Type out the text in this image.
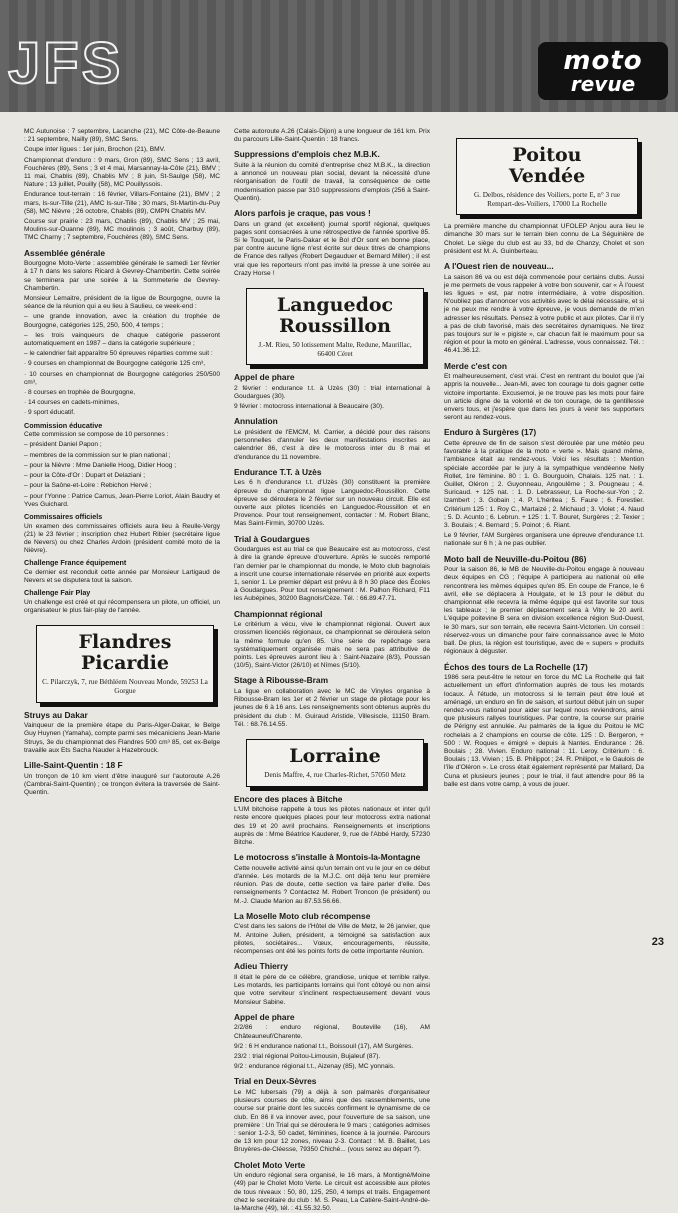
JFS	moto
revue

MC Autunoise : 7 septembre, Lacanche (21), MC Côte-de-Beaune : 21 septembre, Nailly (89), SMC Sens.

Coupe inter ligues : 1er juin, Brochon (21), BMV.

Championnat d'enduro : 9 mars, Gron (89), SMC Sens ; 13 avril, Fouchères (89), Sens ; 3 et 4 mai, Marsannay-la-Côte (21), BMV ; 11 mai, Chablis (89), Chablis MV ; 8 juin, St-Saulge (58), MC Nature ; 13 juillet, Pouilly (58), MC Pouillyssois.

Endurance tout-terrain : 16 février, Villars-Fontaine (21), BMV ; 2 mars, Is-sur-Tille (21), AMC Is-sur-Tille ; 30 mars, St-Martin-du-Puy (58), MC Nièvre ; 26 octobre, Chablis (89), CMPN Chablis MV.

Course sur prairie : 23 mars, Chablis (89), Chablis MV ; 25 mai, Moulins-sur-Ouanne (89), MC moulinois ; 3 août, Charbuy (89), TMC Charny ; 7 septembre, Fouchères (89), SMC Sens.

Assemblée générale

Bourgogne Moto-Verte : assemblée générale le samedi 1er février à 17 h dans les salons Ricard à Gevrey-Chambertin. Cette soirée se terminera par une soirée à la Sommeterie de Gevrey-Chambertin.

Monsieur Lemaitre, président de la ligue de Bourgogne, ouvre la séance de la réunion qui a eu lieu à Saulieu, ce week-end :

– une grande innovation, avec la création du trophée de Bourgogne, catégories 125, 250, 500, 4 temps ;

– les trois vainqueurs de chaque catégorie passeront automatiquement en 1987 – dans la catégorie supérieure ;

– le calendrier fait apparaître 50 épreuves réparties comme suit :

· 9 courses en championnat de Bourgogne catégorie 125 cm³,

· 10 courses en championnat de Bourgogne catégories 250/500 cm³,

· 8 courses en trophée de Bourgogne,

· 14 courses en cadets-minimes,

· 9 sport éducatif.

Commission éducative

Cette commission se compose de 10 personnes :

– président Daniel Papon ;

– membres de la commission sur le plan national ;

– pour la Nièvre : Mme Danielle Hoog, Didier Hoog ;

– pour la Côte-d'Or : Dupart et Delaziani ;

– pour la Saône-et-Loire : Rebichon Hervé ;

– pour l'Yonne : Patrice Camus, Jean-Pierre Loriot, Alain Baudry et Yves Guichard.

Commissaires officiels

Un examen des commissaires officiels aura lieu à Reulle-Vergy (21) le 23 février ; inscription chez Hubert Ribier (secrétaire ligue de Nevers) ou chez Charles Ardoin (président comité moto de la Nièvre).

Challenge France équipement

Ce dernier est reconduit cette année par Monsieur Lartigaud de Nevers et se disputera tout la saison.

Challenge Fair Play

Un challenge est créé et qui récompensera un pilote, un officiel, un organisateur le plus fair-play de l'année.

Flandres

Picardie

C. Pilarczyk, 7, rue Béthléem Nouveau Monde, 59253 La Gorgue

Struys au Dakar

Vainqueur de la première étape du Paris-Alger-Dakar, le Belge Guy Huynen (Yamaha), compte parmi ses mécaniciens Jean-Marie Struys, 3e du championnat des Flandres 500 cm³ 85, cet ex-Belge travaille aux Ets Sacha Nauder à Hazebrouck.

Lille-Saint-Quentin : 18 F

Un tronçon de 10 km vient d'être inauguré sur l'autoroute A.26 (Cambrai-Saint-Quentin) ; ce tronçon évitera la traversée de Saint-Quentin.

Cette autoroute A.26 (Calais-Dijon) a une longueur de 161 km. Prix du parcours Lille-Saint-Quentin : 18 francs.

Suppressions d'emplois chez M.B.K.

Suite à la réunion du comité d'entreprise chez M.B.K., la direction a annoncé un nouveau plan social, devant la nécessité d'une réorganisation de l'outil de travail, la conséquence de cette modernisation passe par 310 suppressions d'emplois (256 à Saint-Quentin).

Alors parfois je craque, pas vous !

Dans un grand (et excellent) journal sportif régional, quelques pages sont consacrées à une rétrospective de l'année sportive 85. Si le Touquet, le Paris-Dakar et le Bol d'Or sont en bonne place, par contre aucune ligne n'est écrite sur deux titres de champions de France des rallyes (Robert Degauduer et Bernard Miller) ; il est vrai que les reporteurs n'ont pas invité la presse à une soirée au Crazy Horse !

Languedoc

Roussillon

J.-M. Rieu, 50 lotissement Malte, Redune, Maurillac, 66400 Céret

Appel de phare

2 février : endurance t.t. à Uzès (30) : trial international à Goudargues (30).

9 février : motocross international à Beaucaire (30).

Annulation

Le président de l'EMCM, M. Carrier, a décidé pour des raisons personnelles d'annuler les deux manifestations inscrites au calendrier 86, c'est à dire le motocross inter du 8 mai et d'endurance du 11 novembre.

Endurance T.T. à Uzès

Les 6 h d'endurance t.t. d'Uzès (30) constituent la première épreuve du championnat ligue Languedoc-Roussillon. Cette épreuve se déroulera le 2 février sur un nouveau circuit. Elle est ouverte aux pilotes licenciés en Languedoc-Roussillon et en Provence. Pour tout renseignement, contacter : M. Robert Blanc, Mas Saint-Firmin, 30700 Uzès.

Trial à Goudargues

Goudargues est au trial ce que Beaucaire est au motocross, c'est à dire la grande épreuve d'ouverture. Après le succès remporté l'an dernier par le championnat du monde, le Moto club bagnolais a inscrit une course internationale réservée en priorité aux experts 1, senior 1. Le premier départ est prévu à 8 h 30 place des Écoles à Goudargues. Pour tout renseignement : M. Palhon Richard, F11 les Aubépines, 30200 Bagnols/Cèze. Tél. : 66.89.47.71.

Championnat régional

Le critérium a vécu, vive le championnat régional. Ouvert aux crossmen licenciés régionaux, ce championnat se déroulera selon la même formule qu'en 85. Une série de repêchage sera systématiquement organisée mais ne sera pas attributive de points. Les épreuves auront lieu à : Saint-Nazaire (8/3), Poussan (10/5), Saint-Victor (26/10) et Nîmes (5/10).

Stage à Ribousse-Bram

La ligue en collaboration avec le MC de Vinyles organise à Ribousse-Bram les 1er et 2 février un stage de pilotage pour les jeunes de 6 à 16 ans. Les renseignements sont obtenus auprès du président du club : M. Guiraud Aristide, Villesiscle, 11150 Bram. Tél. : 68.76.14.55.

Lorraine

Denis Maffre, 4, rue Charles-Richet, 57050 Metz

Encore des places à Bitche

L'UM bitchoise rappelle à tous les pilotes nationaux et inter qu'il reste encore quelques places pour leur motocross extra national des 19 et 20 avril prochains. Renseignements et inscriptions auprès de : Mme Béatrice Kauderer, 9, rue de l'Abbé Hardy, 57230 Bitche.

Le motocross s'installe à Montois-la-Montagne

Cette nouvelle activité ainsi qu'un terrain ont vu le jour en ce début d'année. Les motards de la M.J.C. ont déjà tenu leur première réunion. Pas de doute, cette section va faire parler d'elle. Des renseignements ? Contactez M. Robert Troncon (le président) ou M.-J. Claude Marion au 87.53.56.66.

La Moselle Moto club récompense

C'est dans les salons de l'Hôtel de Ville de Metz, le 26 janvier, que M. Antoine Julien, président, a témoigné sa satisfaction aux pilotes, sociétaires... Vœux, encouragements, réussite, récompenses ont été les points forts de cette importante réunion.

Adieu Thierry

Il était le père de ce célèbre, grandiose, unique et terrible rallye. Les motards, les participants lorrains qui l'ont côtoyé ou non ainsi que votre serviteur s'inclinent respectueusement devant vous Monsieur Sabine.

Appel de phare

2/2/86 : enduro régional, Bouteville (16), AM Châteauneuf/Charente.

9/2 : 6 H endurance national t.t., Boissouil (17), AM Surgères.

23/2 : trial régional Poitou-Limousin, Bujaleuf (87).

9/2 : endurance régional t.t., Aizenay (85), MC yonnais.

Trial en Deux-Sèvres

Le MC lubersais (79) a déjà à son palmarès d'organisateur plusieurs courses de côte, ainsi que des rassemblements, une course sur prairie dont les succès confirment le dynamisme de ce club. En 86 il va innover avec, pour l'ouverture de sa saison, une première : Un Trial qui se déroulera le 9 mars ; catégories admises : senior 1-2-3, 50 cadet, féminines, licence à la journée. Parcours de 13 km pour 12 zones, niveau 2-3. Contact : M. B. Baillet, Les Bruyères-de-Cléesse, 79350 Chiché... (vous serez au départ ?).

Cholet Moto Verte

Un enduro régional sera organisé, le 16 mars, à Montigné/Moine (49) par le Cholet Moto Verte. Le circuit est accessible aux pilotes de tous niveaux : 50, 80, 125, 250, 4 temps et trails. Engagement chez le secrétaire du club : M. S. Peau, La Catière-Saint-André-de-la-Marche (49), tél. : 41.55.32.50.

Poitou

Vendée

G. Delbos, résidence des Voiliers, porte E, n° 3 rue Rempart-des-Voiliers, 17000 La Rochelle

La première manche du championnat UFOLEP Anjou aura lieu le dimanche 30 mars sur le terrain bien connu de La Séguinière de Cholet. Le siège du club est au 33, bd de Chanzy, Cholet et son président est M. A. Guinberteau.

A l'Ouest rien de nouveau...

La saison 86 va ou est déjà commencée pour certains clubs. Aussi je me permets de vous rappeler à votre bon souvenir, car « À l'ouest les ligues » est, par notre intermédiaire, à votre disposition. N'oubliez pas d'annoncer vos activités avec le délai nécessaire, et si je ne peux me rendre à votre épreuve, je vous demande de m'en adresser les résultats. Pensez à votre public et aux pilotes. Car il n'y a pas de club favorisé, mais des secrétaires dynamiques. Ne tirez pas toujours sur le « pigiste », car chacun fait le maximum pour sa région et pour la moto en général. L'adresse, vous connaissez. Tél. : 46.41.36.12.

Merde c'est con

Et malheureusement, c'est vrai. C'est en rentrant du boulot que j'ai appris la nouvelle... Jean-Mi, avec ton courage tu dois gagner cette victoire importante. Excusemoi, je ne trouve pas les mots pour faire un article digne de ta volonté et de ton courage, de ta gentillesse envers tous, et j'espère que dans les jours à venir tes supporters seront au rendez-vous.

Enduro à Surgères (17)

Cette épreuve de fin de saison s'est déroulée par une météo peu favorable à la pratique de la moto « verte ». Mais quand même, l'ambiance était au rendez-vous. Voici les résultats : Mention spéciale accordée par le jury à la sympathique vendéenne Nelly Rollet, 1re féminine. 80 : 1. G. Bourguoin, Chalais. 125 nat. : 1. Guillet, Oléron ; 2. Guyonneau, Angoulême ; 3. Pougneau ; 4. Suricaud. + 125 nat. : 1. D. Lebrasseur, La Roche-sur-Yon ; 2. Izambert ; 3. Gobain ; 4. P. L'héritea ; 5. Faure ; 6. Forestier. Critérium 125 : 1. Roy C., Martaizé ; 2. Michaud ; 3. Violet ; 4. Naud ; 5. D. Acunto ; 6. Lebrun. + 125 : 1. T. Bouret, Surgères ; 2. Texier ; 3. Boulais ; 4. Bernard ; 5. Poinot ; 6. Riant.

Le 9 février, l'AM Surgères organisera une épreuve d'endurance t.t. nationale sur 6 h ; à ne pas oublier.

Moto ball de Neuville-du-Poitou (86)

Pour la saison 86, le MB de Neuville-du-Poitou engage à nouveau deux équipes en CG ; l'équipe A participera au national où elle rencontrera les mêmes équipes qu'en 85. En coupe de France, le 6 avril, elle se déplacera à Houlgate, et le 13 pour le début du championnat elle recevra la même équipe qui est favorite sur tous les tableaux ; le premier déplacement sera à Vitry le 20 avril. L'équipe poitevine B sera en division excellence région Sud-Ouest, le 30 mars, sur son terrain, elle recevra Saint-Victorien. Un conseil : réservez-vous un dimanche pour faire connaissance avec le Moto ball. De plus, la région est touristique, avec de « supers » produits régionaux à déguster.

Échos des tours de La Rochelle (17)

1986 sera peut-être le retour en force du MC La Rochelle qui fait actuellement un effort d'information auprès de tous les motards locaux. À l'étude, un motocross si le terrain peut être loué et aménagé, un enduro en fin de saison, et surtout début juin un super rendez-vous national pour aider sur lequel nous reviendrons, ainsi que plusieurs rallyes touristiques. Par contre, la course sur prairie de Périgny est annulée. Au palmarès de la ligue du Poitou le MC rochelais a 2 champions en course de côte. 125 : D. Bergeron, + 500 : W. Roques « émigré » depuis à Nantes. Endurance : 26. Boulais ; 28. Vivien. Enduro national : 11. Leroy. Critérium : 6. Boulais ; 13. Vivien ; 15. B. Philippot ; 24. R. Philipot, « le Gaulois de l'île d'Oléron ». Le cross était également représenté par Mallard, Da Cuna et plusieurs jeunes ; pour le trial, il faut attendre pour 86 la balle est dans votre camp, à vous de jouer.

23
